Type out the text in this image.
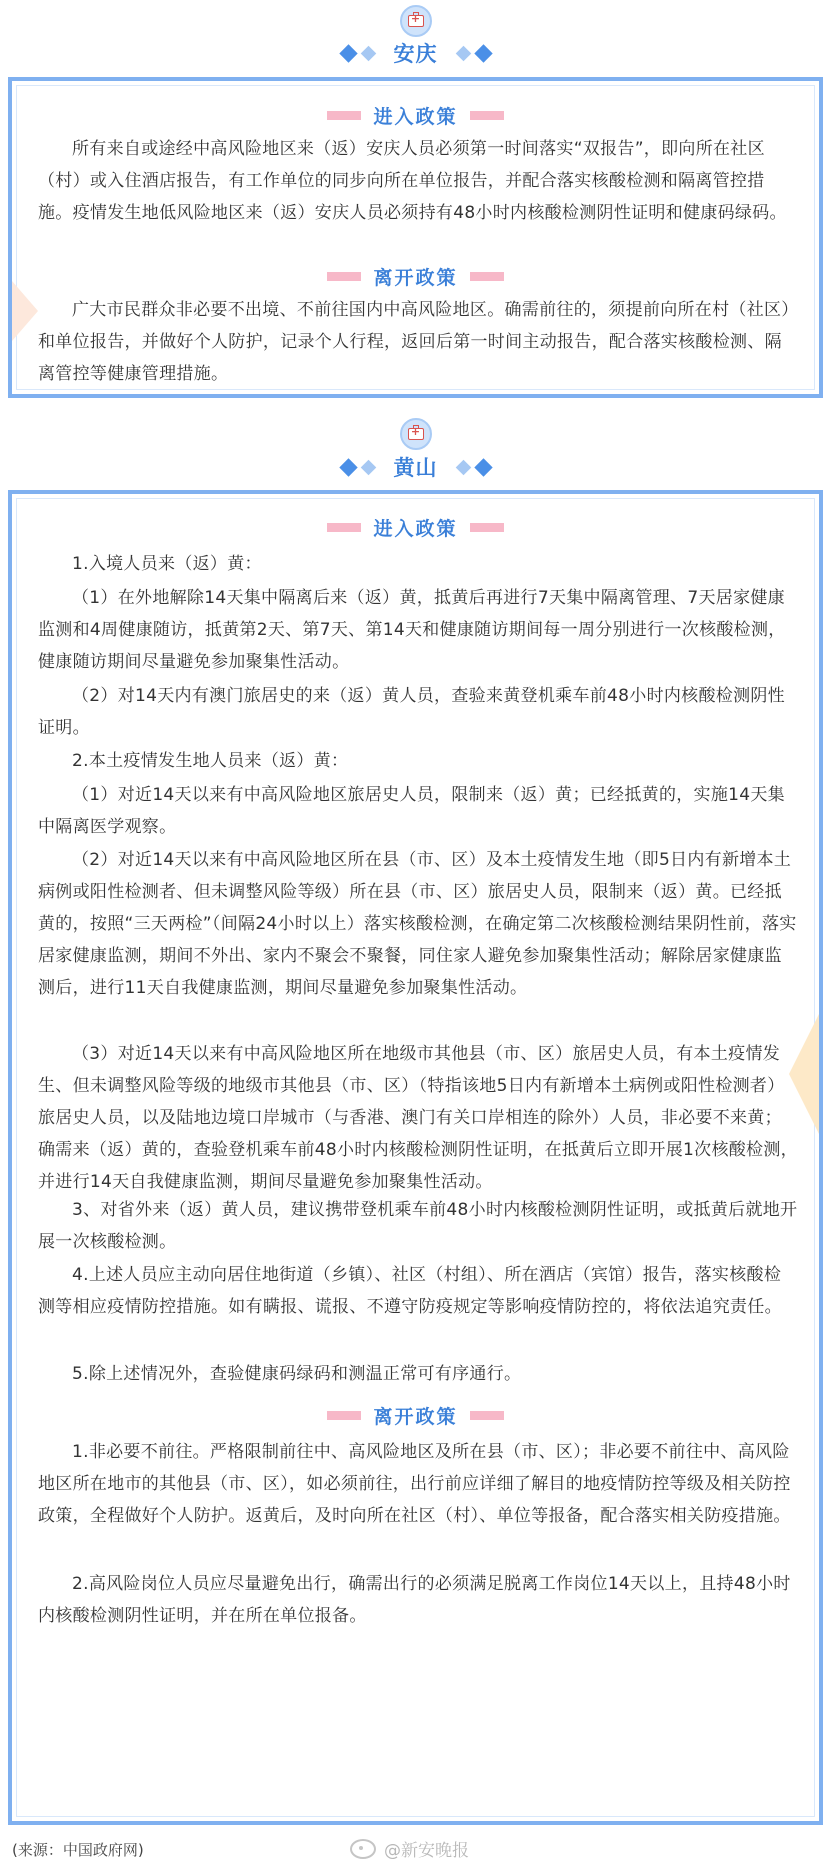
+
安庆
进入政策

所有来自或途经中高风险地区来（返）安庆人员必须第一时间落实“双报告”，即向所在社区（村）或入住酒店报告，有工作单位的同步向所在单位报告，并配合落实核酸检测和隔离管控措施。疫情发生地低风险地区来（返）安庆人员必须持有48小时内核酸检测阴性证明和健康码绿码。

离开政策

广大市民群众非必要不出境、不前往国内中高风险地区。确需前往的，须提前向所在村（社区）和单位报告，并做好个人防护，记录个人行程，返回后第一时间主动报告，配合落实核酸检测、隔离管控等健康管理措施。

+
黄山
进入政策

1.入境人员来（返）黄：

（1）在外地解除14天集中隔离后来（返）黄，抵黄后再进行7天集中隔离管理、7天居家健康监测和4周健康随访，抵黄第2天、第7天、第14天和健康随访期间每一周分别进行一次核酸检测，健康随访期间尽量避免参加聚集性活动。

（2）对14天内有澳门旅居史的来（返）黄人员，查验来黄登机乘车前48小时内核酸检测阴性证明。

2.本土疫情发生地人员来（返）黄：

（1）对近14天以来有中高风险地区旅居史人员，限制来（返）黄；已经抵黄的，实施14天集中隔离医学观察。

（2）对近14天以来有中高风险地区所在县（市、区）及本土疫情发生地（即5日内有新增本土病例或阳性检测者、但未调整风险等级）所在县（市、区）旅居史人员，限制来（返）黄。已经抵黄的，按照“三天两检”（间隔24小时以上）落实核酸检测，在确定第二次核酸检测结果阴性前，落实居家健康监测，期间不外出、家内不聚会不聚餐，同住家人避免参加聚集性活动；解除居家健康监测后，进行11天自我健康监测，期间尽量避免参加聚集性活动。

（3）对近14天以来有中高风险地区所在地级市其他县（市、区）旅居史人员，有本土疫情发生、但未调整风险等级的地级市其他县（市、区）（特指该地5日内有新增本土病例或阳性检测者）旅居史人员，以及陆地边境口岸城市（与香港、澳门有关口岸相连的除外）人员，非必要不来黄；确需来（返）黄的，查验登机乘车前48小时内核酸检测阴性证明，在抵黄后立即开展1次核酸检测，并进行14天自我健康监测，期间尽量避免参加聚集性活动。

3、对省外来（返）黄人员，建议携带登机乘车前48小时内核酸检测阴性证明，或抵黄后就地开展一次核酸检测。

4.上述人员应主动向居住地街道（乡镇）、社区（村组）、所在酒店（宾馆）报告，落实核酸检测等相应疫情防控措施。如有瞒报、谎报、不遵守防疫规定等影响疫情防控的，将依法追究责任。

5.除上述情况外，查验健康码绿码和测温正常可有序通行。

离开政策

1.非必要不前往。严格限制前往中、高风险地区及所在县（市、区）；非必要不前往中、高风险地区所在地市的其他县（市、区），如必须前往，出行前应详细了解目的地疫情防控等级及相关防控政策，全程做好个人防护。返黄后，及时向所在社区（村）、单位等报备，配合落实相关防疫措施。

2.高风险岗位人员应尽量避免出行，确需出行的必须满足脱离工作岗位14天以上，且持48小时内核酸检测阴性证明，并在所在单位报备。

(来源：中国政府网)	@新安晚报
